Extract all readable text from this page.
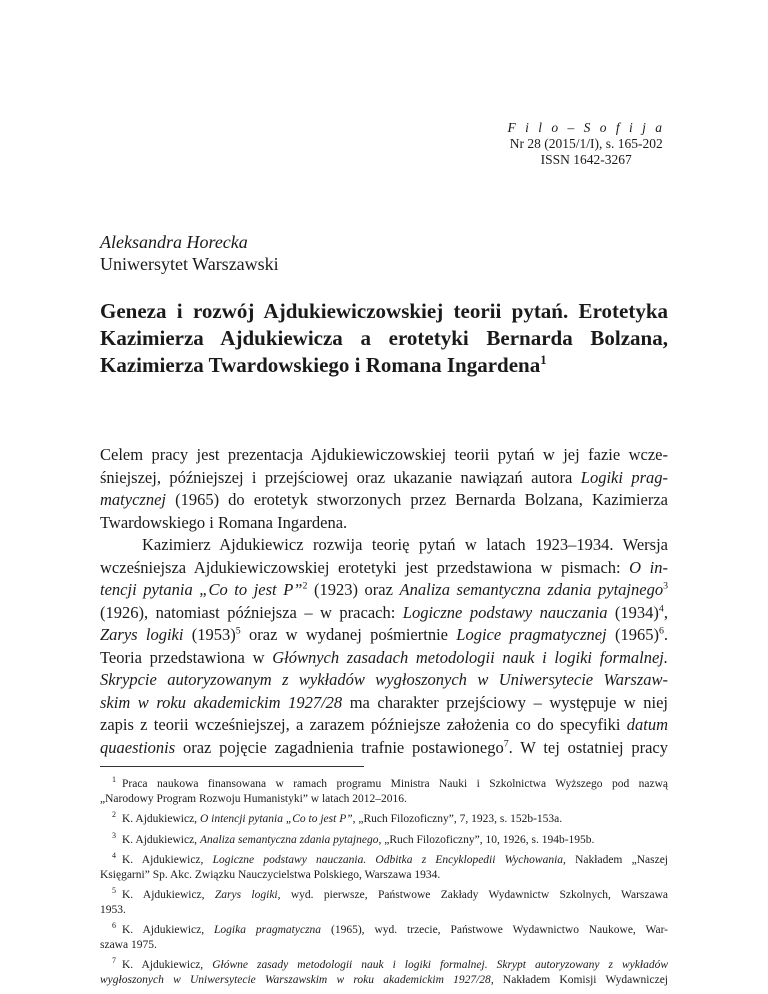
F i l o – S o f i j a
Nr 28 (2015/1/I), s. 165-202
ISSN 1642-3267
Aleksandra Horecka
Uniwersytet Warszawski
Geneza i rozwój Ajdukiewiczowskiej teorii pytań. Erotetyka
Kazimierza Ajdukiewicza a erotetyki Bernarda Bolzana,
Kazimierza Twardowskiego i Romana Ingardena$^1$
Celem pracy jest prezentacja Ajdukiewiczowskiej teorii pytań w jej fazie wcze-
śniejszej, późniejszej i przejściowej oraz ukazanie nawiązań autora Logiki prag-
matycznej (1965) do erotetyk stworzonych przez Bernarda Bolzana, Kazimierza
Twardowskiego i Romana Ingardena.
Kazimierz Ajdukiewicz rozwija teorię pytań w latach 1923–1934. Wersja
wcześniejsza Ajdukiewiczowskiej erotetyki jest przedstawiona w pismach: O in-
tencji pytania „Co to jest P”$^2$ (1923) oraz Analiza semantyczna zdania pytajnego$^3$
(1926), natomiast późniejsza – w pracach: Logiczne podstawy nauczania $(1934)^4$,
Zarys logiki $(1953)^5$ oraz w wydanej pośmiertnie Logice pragmatycznej $(1965)^6$.
Teoria przedstawiona w Głównych zasadach metodologii nauk i logiki formalnej.
Skrypcie autoryzowanym z wykładów wygłoszonych w Uniwersytecie Warszaw-
skim w roku akademickim 1927/28 ma charakter przejściowy – występuje w niej
zapis z teorii wcześniejszej, a zarazem późniejsze założenia co do specyfiki datum
quaestionis oraz pojęcie zagadnienia trafnie postawionego$^7$. W tej ostatniej pracy
$^1$ Praca naukowa finansowana w ramach programu Ministra Nauki i Szkolnictwa Wyższego pod nazwą
„Narodowy Program Rozwoju Humanistyki” w latach 2012–2016.
$^2$ K. Ajdukiewicz, O intencji pytania „Co to jest P”, „Ruch Filozoficzny”, 7, 1923, s. 152b-153a.
$^3$ K. Ajdukiewicz, Analiza semantyczna zdania pytajnego, „Ruch Filozoficzny”, 10, 1926, s. 194b-195b.
$^4$ K. Ajdukiewicz, Logiczne podstawy nauczania. Odbitka z Encyklopedii Wychowania, Nakładem „Naszej
Księgarni” Sp. Akc. Związku Nauczycielstwa Polskiego, Warszawa 1934.
$^5$ K. Ajdukiewicz, Zarys logiki, wyd. pierwsze, Państwowe Zakłady Wydawnictw Szkolnych, Warszawa
1953.
$^6$ K. Ajdukiewicz, Logika pragmatyczna (1965), wyd. trzecie, Państwowe Wydawnictwo Naukowe, War-
szawa 1975.
$^7$ K. Ajdukiewicz, Główne zasady metodologii nauk i logiki formalnej. Skrypt autoryzowany z wykładów
wygłoszonych w Uniwersytecie Warszawskim w roku akademickim 1927/28, Nakładem Komisji Wydawniczej
